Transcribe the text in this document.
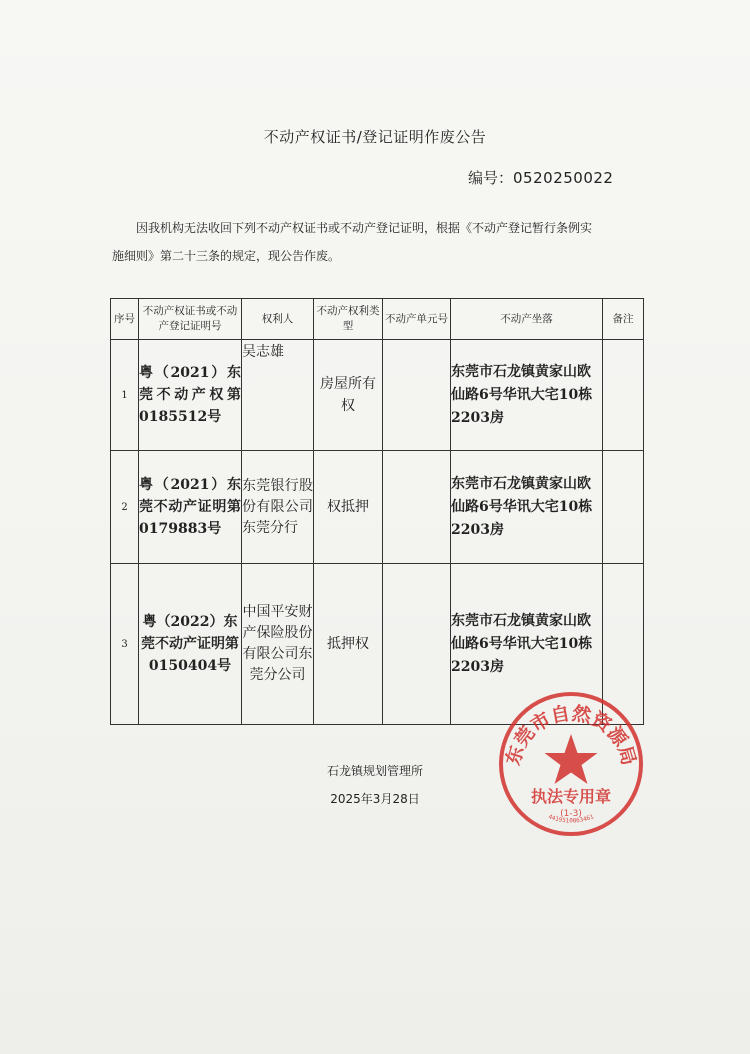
不动产权证书/登记证明作废公告
编号：0520250022
因我机构无法收回下列不动产权证书或不动产登记证明，根据《不动产登记暂行条例实
施细则》第二十三条的规定，现公告作废。
序号	不动产权证书或不动产登记证明号	权利人	不动产权利类型	不动产单元号	不动产坐落	备注
1	粤（2021）东莞不动产权第0185512号	吴志雄	房屋所有权		东莞市石龙镇黄家山欧仙路6号华讯大宅10栋2203房	
2	粤（2021）东莞不动产证明第0179883号	东莞银行股份有限公司东莞分行	权抵押		东莞市石龙镇黄家山欧仙路6号华讯大宅10栋2203房	
3	粤（2022）东莞不动产证明第0150404号	中国平安财产保险股份有限公司东莞分公司	抵押权		东莞市石龙镇黄家山欧仙路6号华讯大宅10栋2203房	
石龙镇规划管理所
2025年3月28日
东莞市自然资源局
执法专用章
(1-3)
4419510063461
